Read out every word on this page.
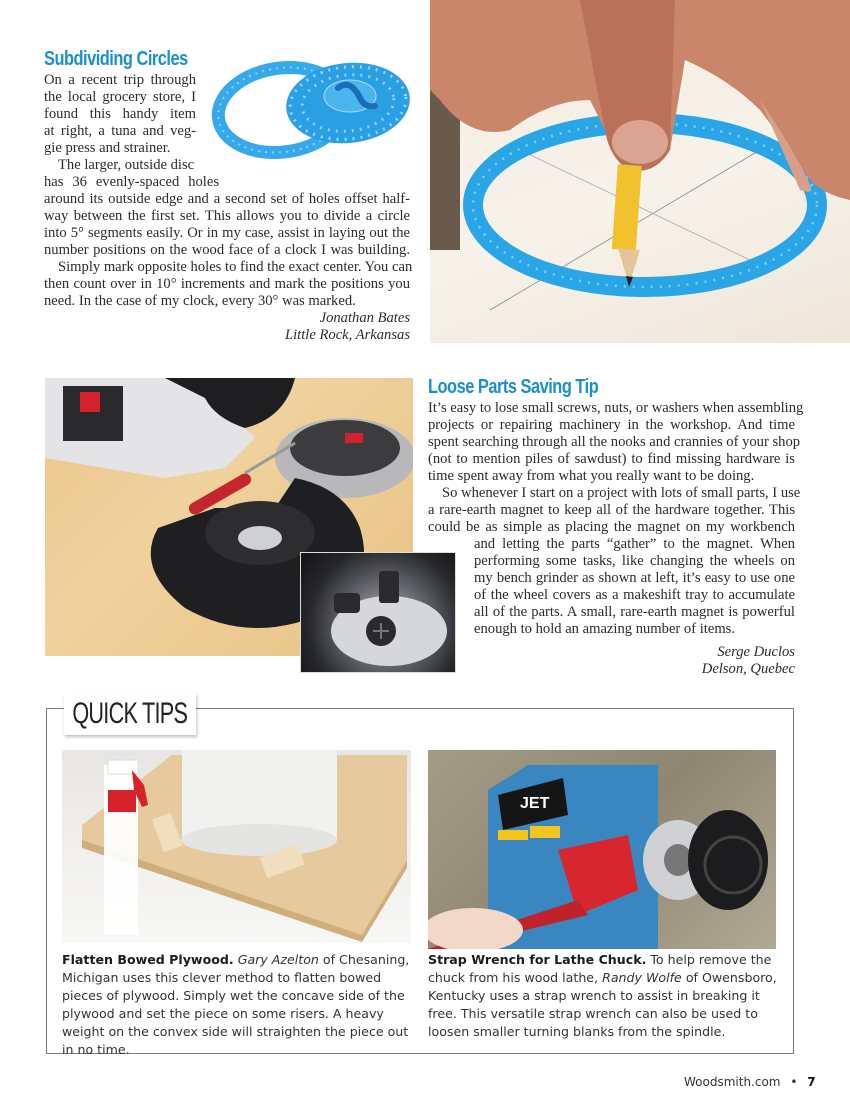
Subdividing Circles
On a recent trip through
the local grocery store, I
found this handy item
at right, a tuna and veg-
gie press and strainer.
The larger, outside disc
has 36 evenly-spaced holes
around its outside edge and a second set of holes offset half-
way between the first set. This allows you to divide a circle
into 5° segments easily. Or in my case, assist in laying out the
number positions on the wood face of a clock I was building.
Simply mark opposite holes to find the exact center. You can
then count over in 10° increments and mark the positions you
need. In the case of my clock, every 30° was marked.
Jonathan Bates
Little Rock, Arkansas
Loose Parts Saving Tip
It’s easy to lose small screws, nuts, or washers when assembling
projects or repairing machinery in the workshop. And time
spent searching through all the nooks and crannies of your shop
(not to mention piles of sawdust) to find missing hardware is
time spent away from what you really want to be doing.
So whenever I start on a project with lots of small parts, I use
a rare-earth magnet to keep all of the hardware together. This
could be as simple as placing the magnet on my workbench
and letting the parts “gather” to the magnet. When
performing some tasks, like changing the wheels on
my bench grinder as shown at left, it’s easy to use one
of the wheel covers as a makeshift tray to accumulate
all of the parts. A small, rare-earth magnet is powerful
enough to hold an amazing number of items.
Serge Duclos
Delson, Quebec
QUICK TIPS
JET
Flatten Bowed Plywood. Gary Azelton of Chesaning, Michigan uses this clever method to flatten bowed pieces of plywood. Simply wet the concave side of the plywood and set the piece on some risers. A heavy weight on the convex side will straighten the piece out in no time.
Strap Wrench for Lathe Chuck. To help remove the chuck from his wood lathe, Randy Wolfe of Owensboro, Kentucky uses a strap wrench to assist in breaking it free. This versatile strap wrench can also be used to loosen smaller turning blanks from the spindle.
Woodsmith.com • 7
